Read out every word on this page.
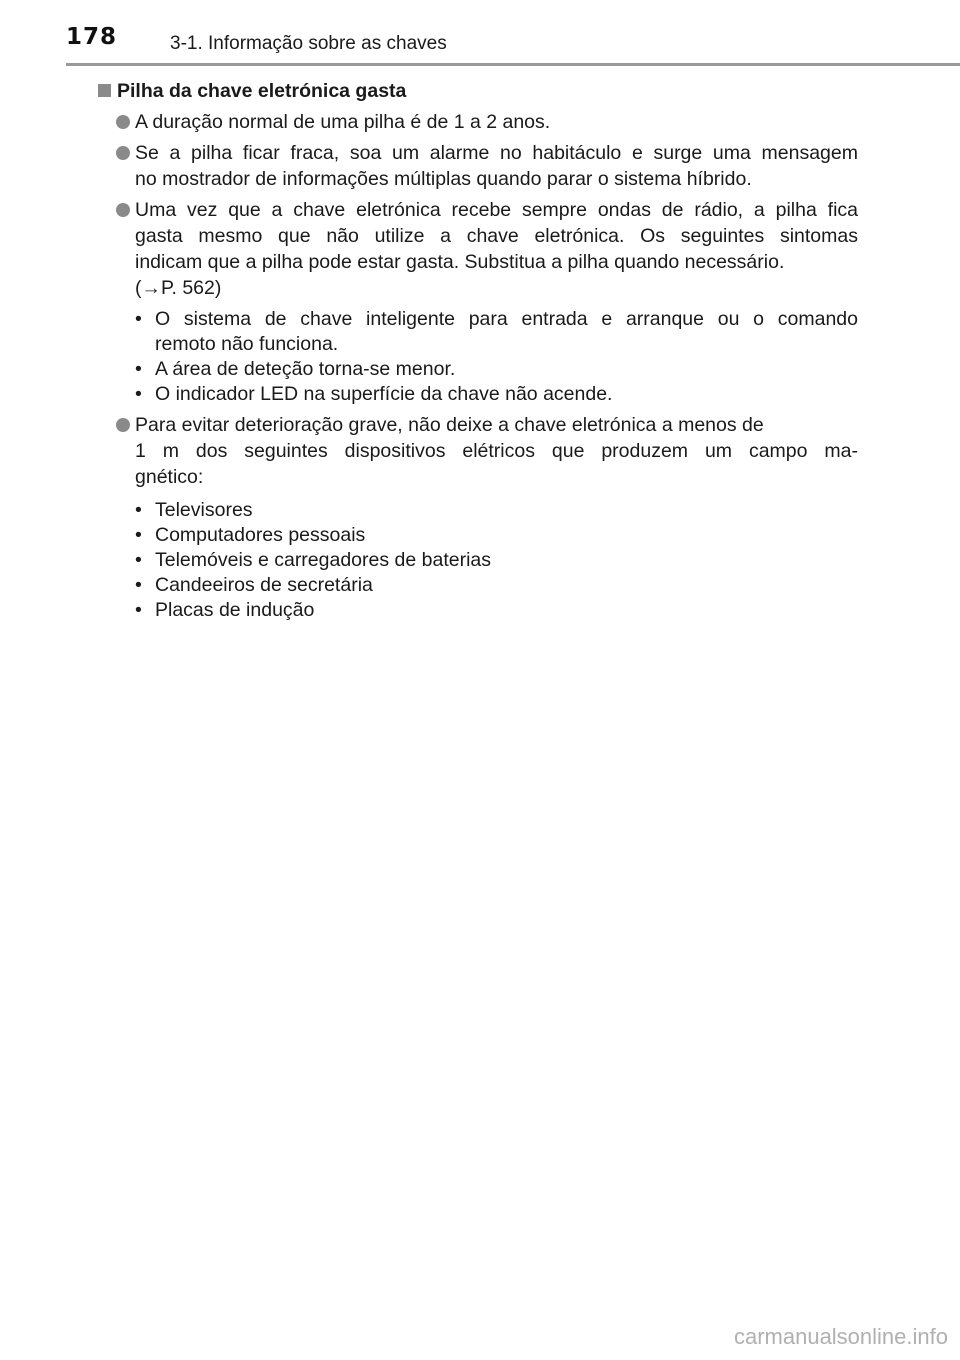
178	3-1. Informação sobre as chaves
Pilha da chave eletrónica gasta

A duração normal de uma pilha é de 1 a 2 anos.

Se a pilha ficar fraca, soa um alarme no habitáculo e surge uma mensagem

no mostrador de informações múltiplas quando parar o sistema híbrido.

Uma vez que a chave eletrónica recebe sempre ondas de rádio, a pilha fica

gasta mesmo que não utilize a chave eletrónica. Os seguintes sintomas

indicam que a pilha pode estar gasta. Substitua a pilha quando necessário.

(→P. 562)

• O sistema de chave inteligente para entrada e arranque ou o comando
remoto não funciona.
• A área de deteção torna-se menor.
• O indicador LED na superfície da chave não acende.

Para evitar deterioração grave, não deixe a chave eletrónica a menos de

1 m dos seguintes dispositivos elétricos que produzem um campo ma-

gnético:

• Televisores
• Computadores pessoais
• Telemóveis e carregadores de baterias
• Candeeiros de secretária
• Placas de indução
carmanualsonline.info
